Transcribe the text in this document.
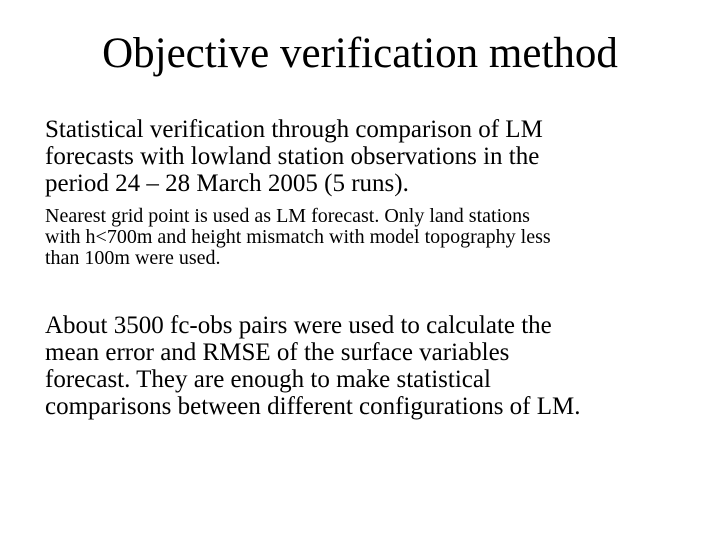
Objective verification method
Statistical verification through comparison of LM
forecasts with lowland station observations in the
period 24 – 28 March 2005 (5 runs).
Nearest grid point is used as LM forecast. Only land stations
with h<700m and height mismatch with model topography less
than 100m were used.
About 3500 fc-obs pairs were used to calculate the
mean error and RMSE of the surface variables
forecast. They are enough to make statistical
comparisons between different configurations of LM.
